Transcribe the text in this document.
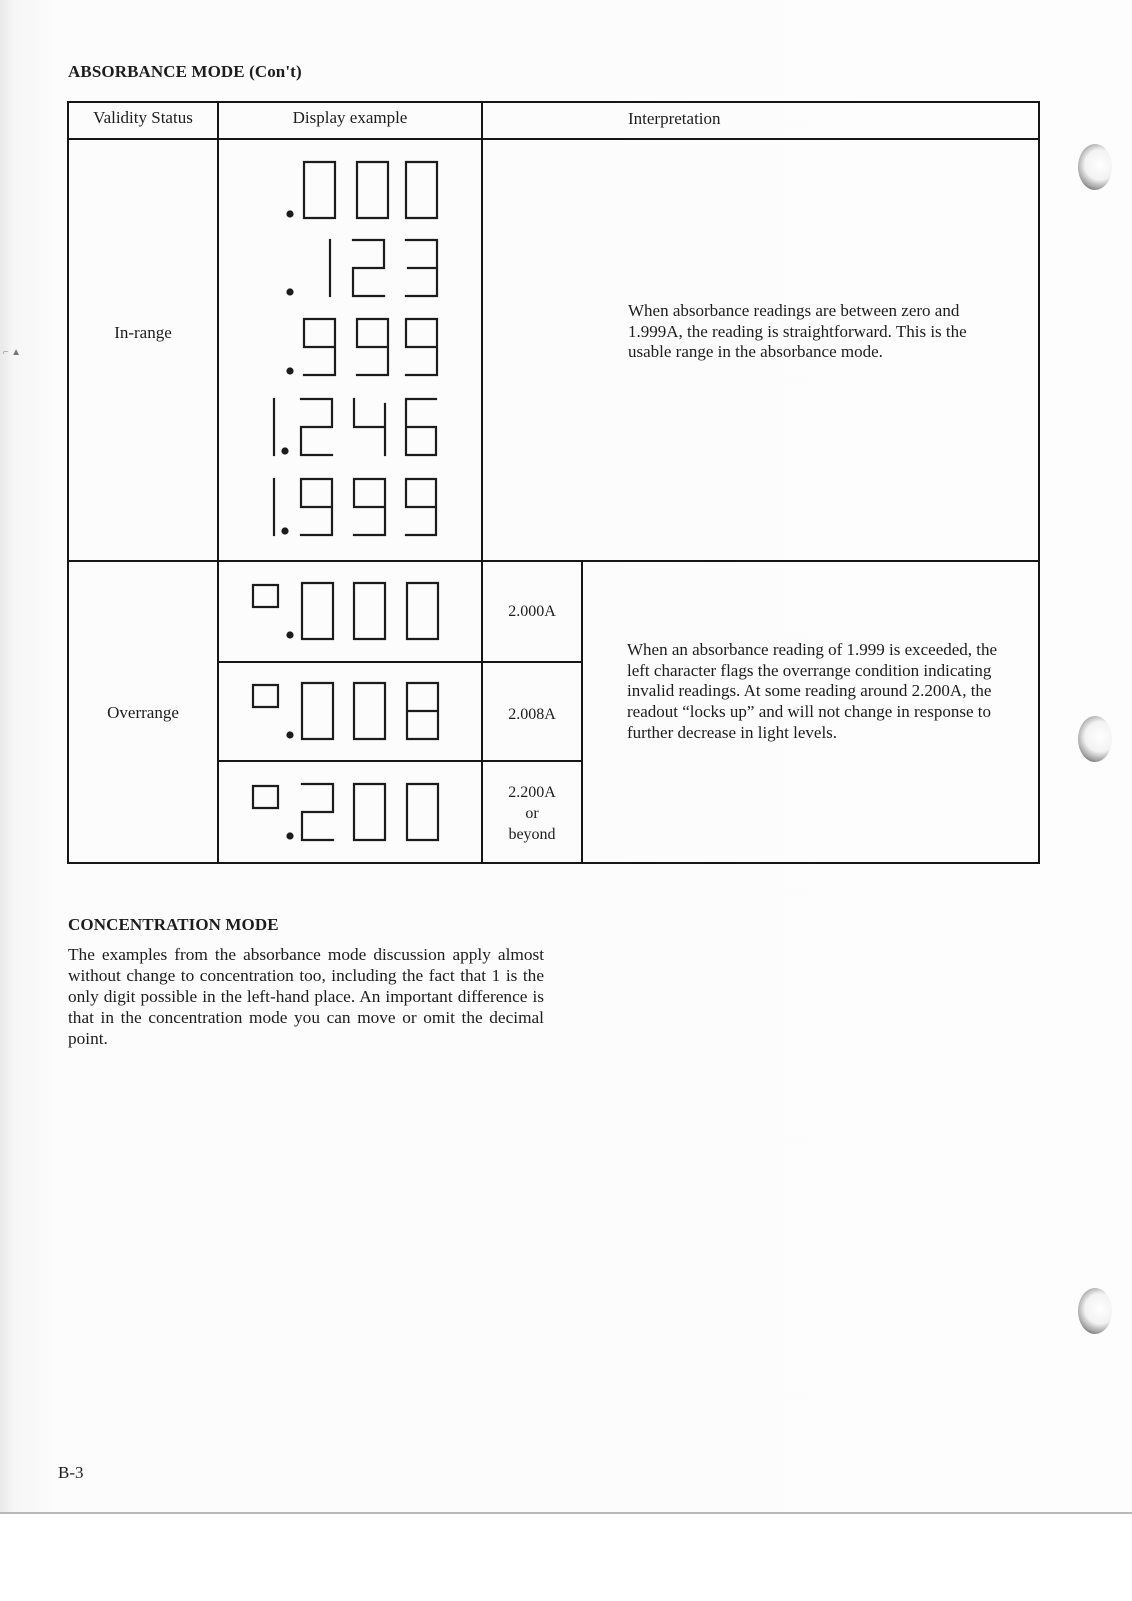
ABSORBANCE MODE (Con't)
Validity Status	Display example	Interpretation
In-range
When absorbance readings are between zero and 1.999A, the reading is straightforward. This is the usable range in the absorbance mode.
Overrange
2.000A
2.008A
2.200A
or
beyond
When an absorbance reading of 1.999 is exceeded, the left character flags the overrange condition indicating invalid readings. At some reading around 2.200A, the readout “locks up” and will not change in response to further decrease in light levels.
CONCENTRATION MODE
The examples from the absorbance mode discussion apply almost without change to concentration too, including the fact that 1 is the only digit possible in the left-hand place. An important difference is that in the concentration mode you can move or omit the decimal point.
B-3
⌐ ▲
